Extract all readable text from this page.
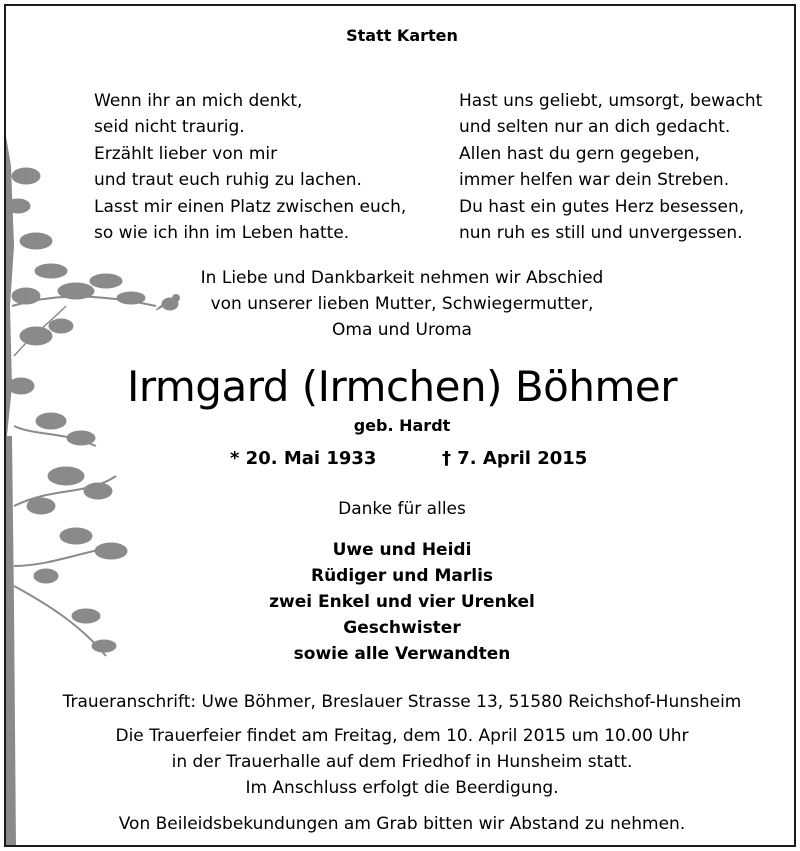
Statt Karten
Wenn ihr an mich denkt,
seid nicht traurig.
Erzählt lieber von mir
und traut euch ruhig zu lachen.
Lasst mir einen Platz zwischen euch,
so wie ich ihn im Leben hatte.
Hast uns geliebt, umsorgt, bewacht
und selten nur an dich gedacht.
Allen hast du gern gegeben,
immer helfen war dein Streben.
Du hast ein gutes Herz besessen,
nun ruh es still und unvergessen.
In Liebe und Dankbarkeit nehmen wir Abschied
von unserer lieben Mutter, Schwiegermutter,
Oma und Uroma
Irmgard (Irmchen) Böhmer
geb. Hardt
* 20. Mai 1933	† 7. April 2015
Danke für alles
Uwe und Heidi
Rüdiger und Marlis
zwei Enkel und vier Urenkel
Geschwister
sowie alle Verwandten
Traueranschrift: Uwe Böhmer, Breslauer Strasse 13, 51580 Reichshof-Hunsheim
Die Trauerfeier findet am Freitag, dem 10. April 2015 um 10.00 Uhr
in der Trauerhalle auf dem Friedhof in Hunsheim statt.
Im Anschluss erfolgt die Beerdigung.
Von Beileidsbekundungen am Grab bitten wir Abstand zu nehmen.
